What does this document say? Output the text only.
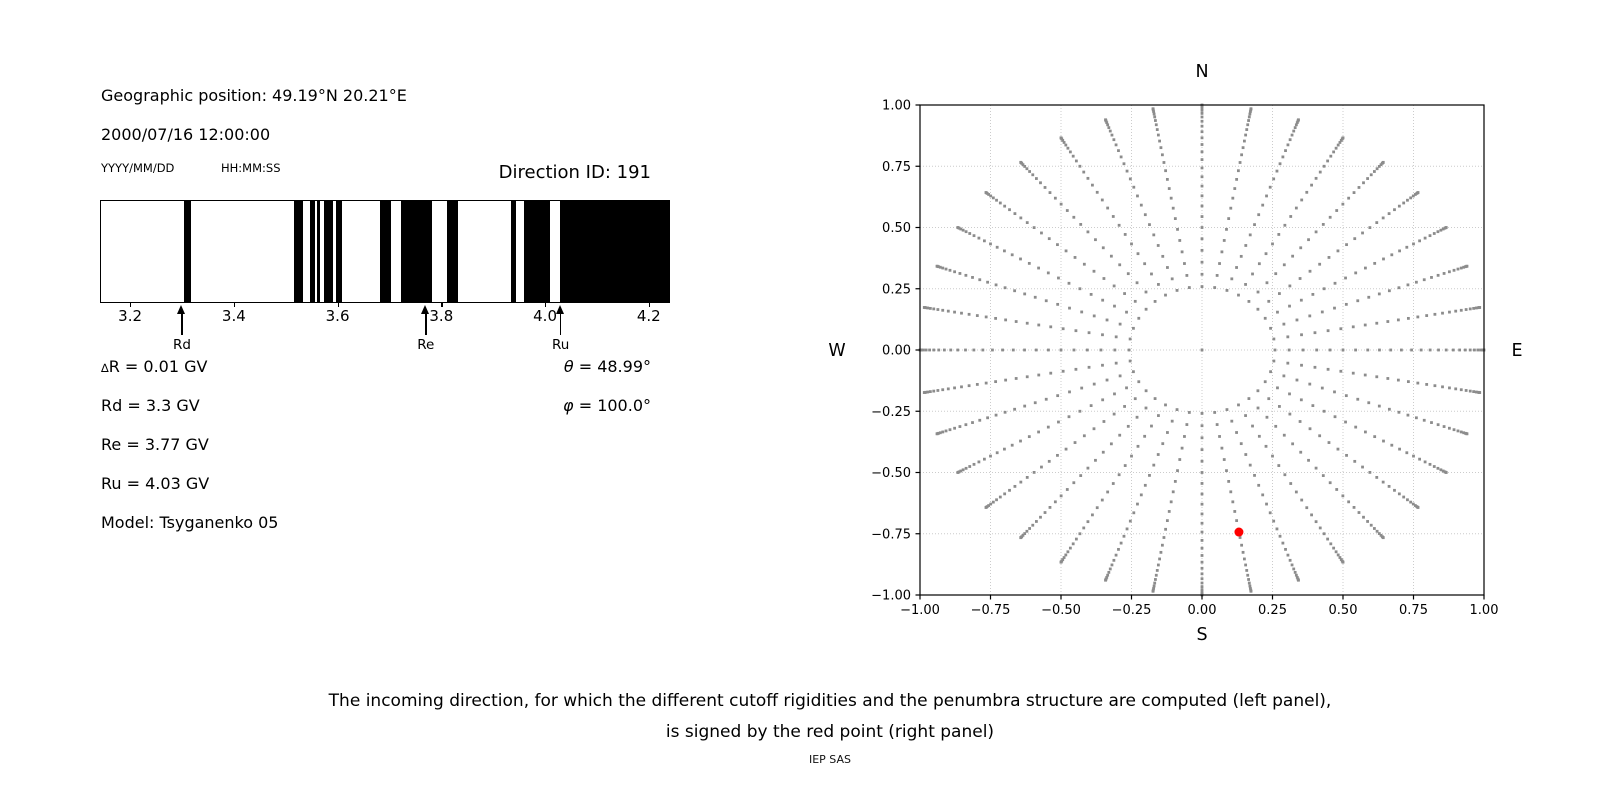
Geographic position: 49.19°N 20.21°E
2000/07/16 12:00:00
YYYY/MM/DD	HH:MM:SS	Direction ID: 191
3.2	3.4	3.6	3.8	4.0	4.2
Rd	Re	Ru
∆R = 0.01 GV
Rd = 3.3 GV
Re = 3.77 GV
Ru = 4.03 GV
Model: Tsyganenko 05
θ = 48.99°
φ = 100.0°
−1.00 −0.75 −0.50 −0.25	0.00	0.25	0.50	0.75	1.00
−1.00
−0.75
−0.50
−0.25
0.00
0.25
0.50
0.75
1.00
N
S
W	E
The incoming direction, for which the different cutoff rigidities and the penumbra structure are computed (left panel),
is signed by the red point (right panel)
IEP SAS
